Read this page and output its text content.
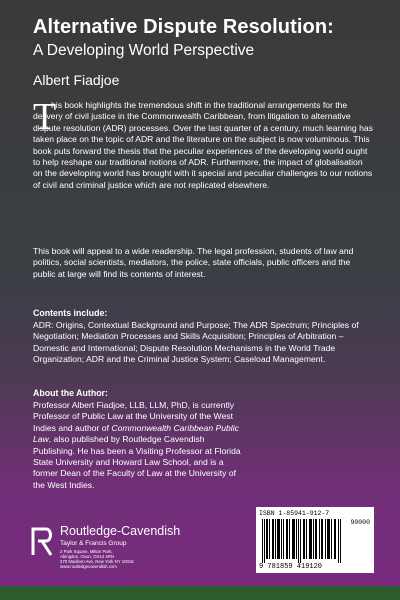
Alternative Dispute Resolution:
A Developing World Perspective
Albert Fiadjoe
T
his book highlights the tremendous shift in the traditional arrangements for the delivery of civil justice in the Commonwealth Caribbean, from litigation to alternative dispute resolution (ADR) processes. Over the last quarter of a century, much learning has taken place on the topic of ADR and the literature on the subject is now voluminous. This book puts forward the thesis that the peculiar experiences of the developing world ought to help reshape our traditional notions of ADR. Furthermore, the impact of globalisation on the developing world has brought with it special and peculiar challenges to our notions of civil and criminal justice which are not replicated elsewhere.
This book will appeal to a wide readership. The legal profession, students of law and politics, social scientists, mediators, the police, state officials, public officers and the public at large will find its contents of interest.
Contents include:
ADR: Origins, Contextual Background and Purpose; The ADR Spectrum; Principles of Negotiation; Mediation Processes and Skills Acquisition; Principles of Arbitration – Domestic and International; Dispute Resolution Mechanisms in the World Trade Organization; ADR and the Criminal Justice System; Caseload Management.
About the Author:
Professor Albert Fiadjoe, LLB, LLM, PhD, is currently Professor of Public Law at the University of the West Indies and author of Commonwealth Caribbean Public Law, also published by Routledge Cavendish Publishing. He has been a Visiting Professor at Florida State University and Howard Law School, and is a former Dean of the Faculty of Law at the University of the West Indies.
ISBN 1-85941-912-7
90000
9 781859 419120
Routledge-Cavendish
Taylor & Francis Group
2 Park Square, Milton Park,
Abingdon, Oxon, OX14 4RN
270 Madison Ave, New York NY 10016
www.routledgecavendish.com
